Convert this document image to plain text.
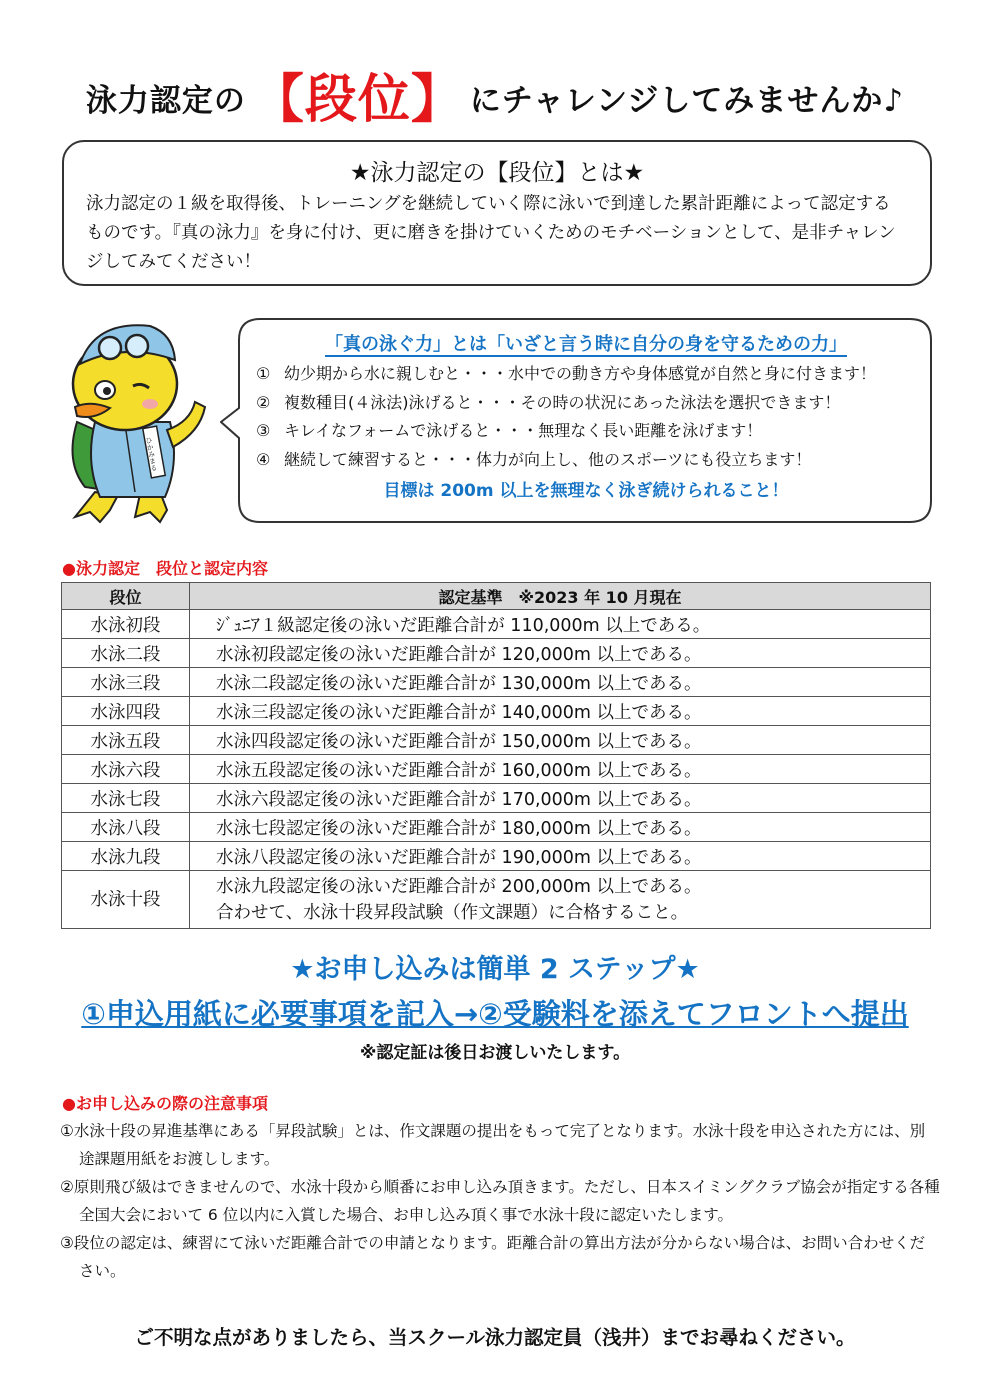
泳力認定の 【段位】 にチャレンジしてみませんか♪
★泳力認定の【段位】とは★

泳力認定の１級を取得後、トレーニングを継続していく際に泳いで到達した累計距離によって認定するものです。『真の泳力』を身に付け、更に磨きを掛けていくためのモチベーションとして、是非チャレンジしてみてください！

ひかみまる
「真の泳ぐ力」とは「いざと言う時に自分の身を守るための力」
① 幼少期から水に親しむと・・・水中での動き方や身体感覚が自然と身に付きます！
② 複数種目(４泳法)泳げると・・・その時の状況にあった泳法を選択できます！
③ キレイなフォームで泳げると・・・無理なく長い距離を泳げます！
④ 継続して練習すると・・・体力が向上し、他のスポーツにも役立ちます！
目標は 200m 以上を無理なく泳ぎ続けられること！
●泳力認定　段位と認定内容
段位	認定基準　※2023 年 10 月現在
水泳初段	ｼﾞｭﾆｱ１級認定後の泳いだ距離合計が 110,000m 以上である。
水泳二段	水泳初段認定後の泳いだ距離合計が 120,000m 以上である。
水泳三段	水泳二段認定後の泳いだ距離合計が 130,000m 以上である。
水泳四段	水泳三段認定後の泳いだ距離合計が 140,000m 以上である。
水泳五段	水泳四段認定後の泳いだ距離合計が 150,000m 以上である。
水泳六段	水泳五段認定後の泳いだ距離合計が 160,000m 以上である。
水泳七段	水泳六段認定後の泳いだ距離合計が 170,000m 以上である。
水泳八段	水泳七段認定後の泳いだ距離合計が 180,000m 以上である。
水泳九段	水泳八段認定後の泳いだ距離合計が 190,000m 以上である。
水泳十段	水泳九段認定後の泳いだ距離合計が 200,000m 以上である。
合わせて、水泳十段昇段試験（作文課題）に合格すること。
★お申し込みは簡単 2 ステップ★
①申込用紙に必要事項を記入→②受験料を添えてフロントへ提出
※認定証は後日お渡しいたします。
●お申し込みの際の注意事項
①水泳十段の昇進基準にある「昇段試験」とは、作文課題の提出をもって完了となります。水泳十段を申込された方には、別途課題用紙をお渡しします。
②原則飛び級はできませんので、水泳十段から順番にお申し込み頂きます。ただし、日本スイミングクラブ協会が指定する各種全国大会において 6 位以内に入賞した場合、お申し込み頂く事で水泳十段に認定いたします。
③段位の認定は、練習にて泳いだ距離合計での申請となります。距離合計の算出方法が分からない場合は、お問い合わせください。
ご不明な点がありましたら、当スクール泳力認定員（浅井）までお尋ねください。
